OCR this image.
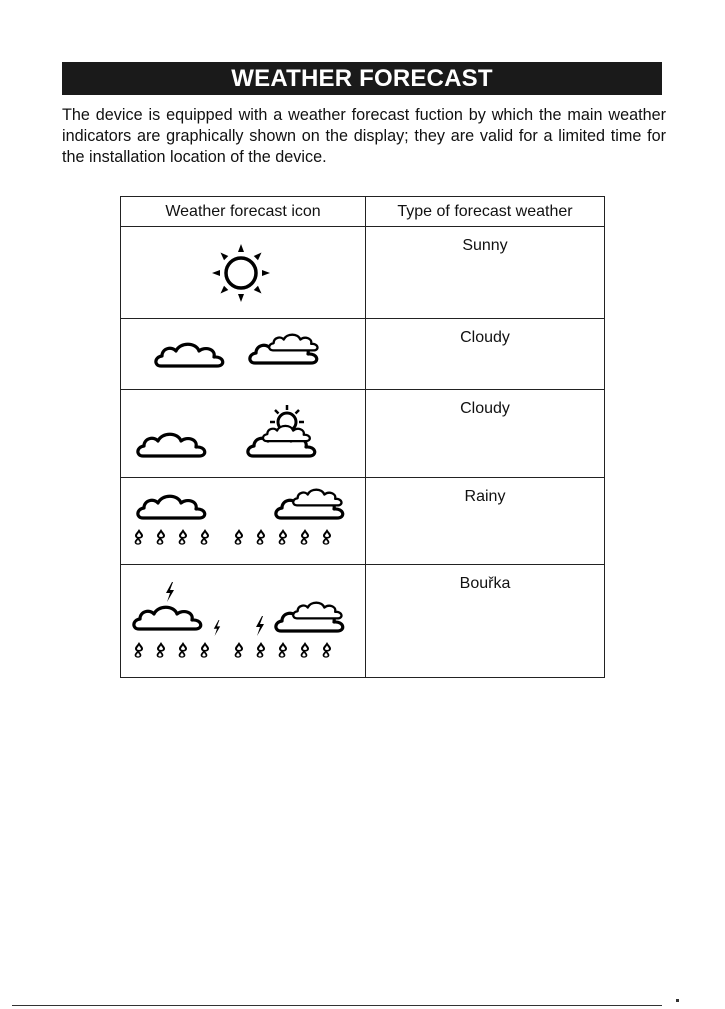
WEATHER FORECAST

The device is equipped with a weather forecast fuction by which the main weather indicators are graphically shown on the display; they are valid for a limited time for the installation location of the device.

Weather forecast icon	Type of forecast weather

	Sunny

	Cloudy

	Cloudy

	Rainy

	Bouřka
